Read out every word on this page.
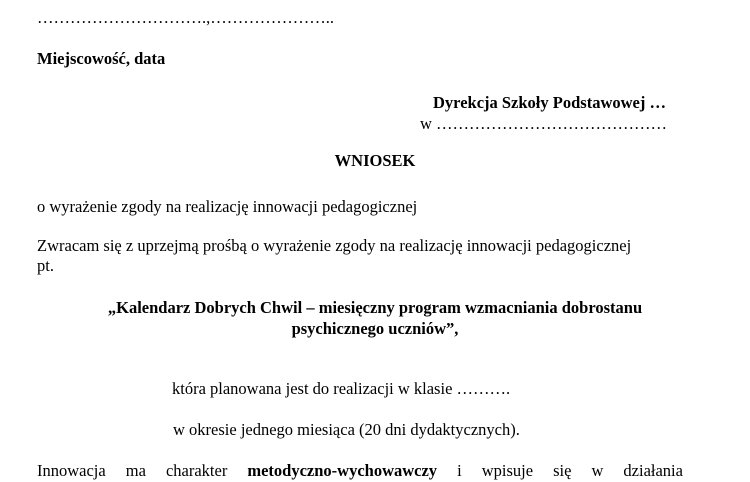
………………………….,…………………..
Miejscowość, data
Dyrekcja Szkoły Podstawowej …
w ……………………………………
WNIOSEK
o wyrażenie zgody na realizację innowacji pedagogicznej
Zwracam się z uprzejmą prośbą o wyrażenie zgody na realizację innowacji pedagogicznej
pt.
„Kalendarz Dobrych Chwil – miesięczny program wzmacniania dobrostanu
psychicznego uczniów”,
która planowana jest do realizacji w klasie ……….
w okresie jednego miesiąca (20 dni dydaktycznych).
Innowacja ma charakter metodyczno-wychowawczy i wpisuje się w działania
